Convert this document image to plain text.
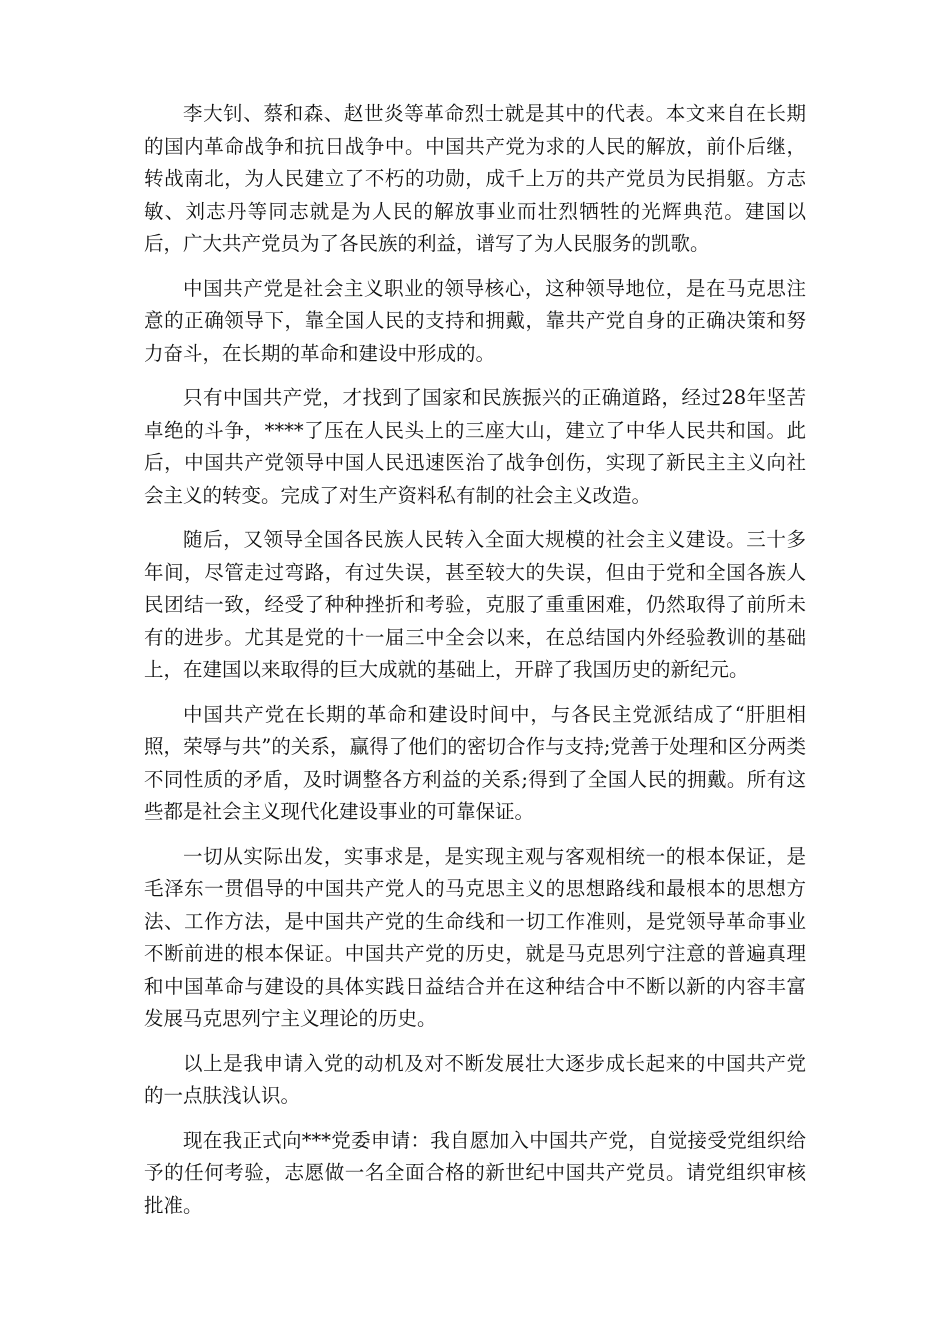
李大钊、蔡和森、赵世炎等革命烈士就是其中的代表。本文来自在长期的国内革命战争和抗日战争中。中国共产党为求的人民的解放，前仆后继，转战南北，为人民建立了不朽的功勋，成千上万的共产党员为民捐躯。方志敏、刘志丹等同志就是为人民的解放事业而壮烈牺牲的光辉典范。建国以后，广大共产党员为了各民族的利益，谱写了为人民服务的凯歌。

中国共产党是社会主义职业的领导核心，这种领导地位，是在马克思注意的正确领导下，靠全国人民的支持和拥戴，靠共产党自身的正确决策和努力奋斗，在长期的革命和建设中形成的。

只有中国共产党，才找到了国家和民族振兴的正确道路，经过28年坚苦卓绝的斗争，****了压在人民头上的三座大山，建立了中华人民共和国。此后，中国共产党领导中国人民迅速医治了战争创伤，实现了新民主主义向社会主义的转变。完成了对生产资料私有制的社会主义改造。

随后，又领导全国各民族人民转入全面大规模的社会主义建设。三十多年间，尽管走过弯路，有过失误，甚至较大的失误，但由于党和全国各族人民团结一致，经受了种种挫折和考验，克服了重重困难，仍然取得了前所未有的进步。尤其是党的十一届三中全会以来，在总结国内外经验教训的基础上，在建国以来取得的巨大成就的基础上，开辟了我国历史的新纪元。

中国共产党在长期的革命和建设时间中，与各民主党派结成了“肝胆相照，荣辱与共”的关系，赢得了他们的密切合作与支持;党善于处理和区分两类不同性质的矛盾，及时调整各方利益的关系;得到了全国人民的拥戴。所有这些都是社会主义现代化建设事业的可靠保证。

一切从实际出发，实事求是，是实现主观与客观相统一的根本保证，是毛泽东一贯倡导的中国共产党人的马克思主义的思想路线和最根本的思想方法、工作方法，是中国共产党的生命线和一切工作准则，是党领导革命事业不断前进的根本保证。中国共产党的历史，就是马克思列宁注意的普遍真理和中国革命与建设的具体实践日益结合并在这种结合中不断以新的内容丰富发展马克思列宁主义理论的历史。

以上是我申请入党的动机及对不断发展壮大逐步成长起来的中国共产党的一点肤浅认识。

现在我正式向***党委申请：我自愿加入中国共产党，自觉接受党组织给予的任何考验，志愿做一名全面合格的新世纪中国共产党员。请党组织审核批准。
